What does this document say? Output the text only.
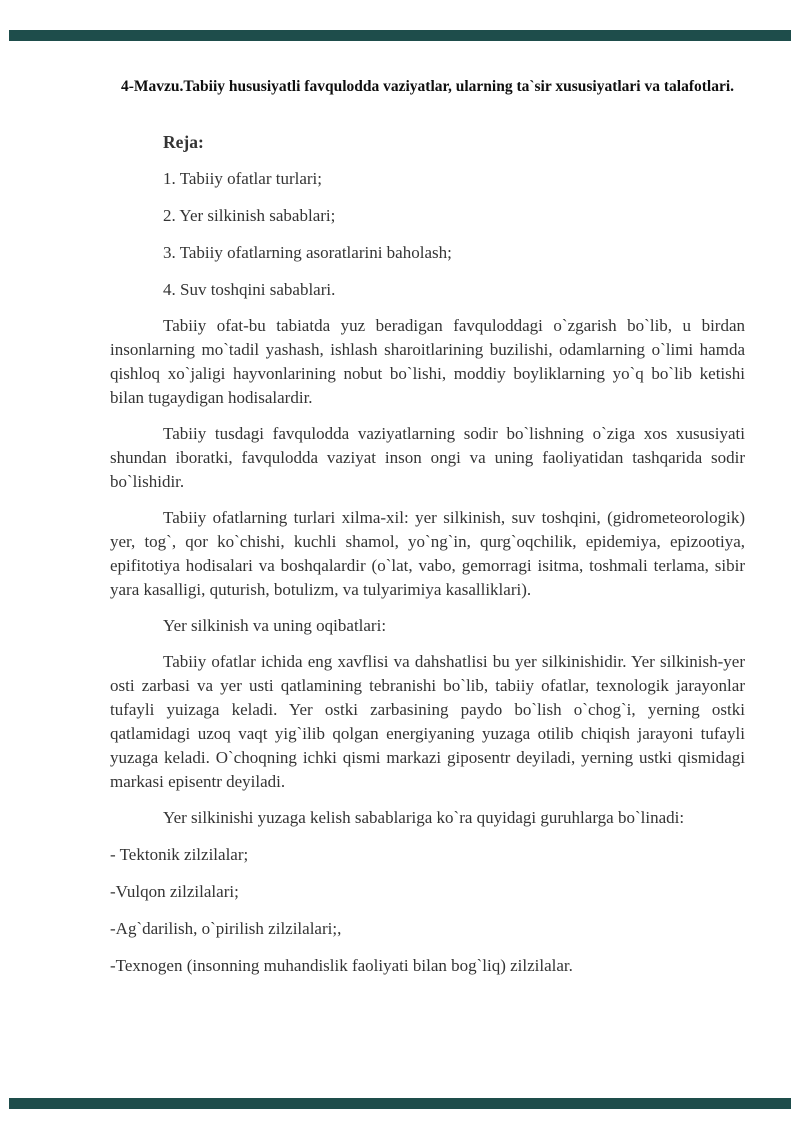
4-Mavzu.Tabiiy hususiyatli favqulodda vaziyatlar, ularning ta`sir xususiyatlari va talafotlari.
Reja:
1. Tabiiy ofatlar turlari;
2. Yer silkinish sabablari;
3. Tabiiy ofatlarning asoratlarini baholash;
4. Suv toshqini sabablari.
Tabiiy ofat-bu tabiatda yuz beradigan favquloddagi o`zgarish bo`lib, u birdan insonlarning mo`tadil yashash, ishlash sharoitlarining buzilishi, odamlarning o`limi hamda qishloq xo`jaligi hayvonlarining nobut bo`lishi, moddiy boyliklarning yo`q bo`lib ketishi bilan tugaydigan hodisalardir.
Tabiiy tusdagi favqulodda vaziyatlarning sodir bo`lishning o`ziga xos xususiyati shundan iboratki, favqulodda vaziyat inson ongi va uning faoliyatidan tashqarida sodir bo`lishidir.
Tabiiy ofatlarning turlari xilma-xil: yer silkinish, suv toshqini, (gidrometeorologik) yer, tog`, qor ko`chishi, kuchli shamol, yo`ng`in, qurg`oqchilik, epidemiya, epizootiya, epifitotiya hodisalari va boshqalardir (o`lat, vabo, gemorragi isitma, toshmali terlama, sibir yara kasalligi, quturish, botulizm, va tulyarimiya kasalliklari).
Yer silkinish va uning oqibatlari:
Tabiiy ofatlar ichida eng xavflisi va dahshatlisi bu yer silkinishidir. Yer silkinish-yer osti zarbasi va yer usti qatlamining tebranishi bo`lib, tabiiy ofatlar, texnologik jarayonlar tufayli yuizaga keladi. Yer ostki zarbasining paydo bo`lish o`chog`i, yerning ostki qatlamidagi uzoq vaqt yig`ilib qolgan energiyaning yuzaga otilib chiqish jarayoni tufayli yuzaga keladi. O`choqning ichki qismi markazi giposentr deyiladi, yerning ustki qismidagi markasi episentr deyiladi.
Yer silkinishi yuzaga kelish sabablariga ko`ra quyidagi guruhlarga bo`linadi:
- Tektonik zilzilalar;
-Vulqon zilzilalari;
-Ag`darilish, o`pirilish zilzilalari;,
-Texnogen (insonning muhandislik faoliyati bilan bog`liq) zilzilalar.
